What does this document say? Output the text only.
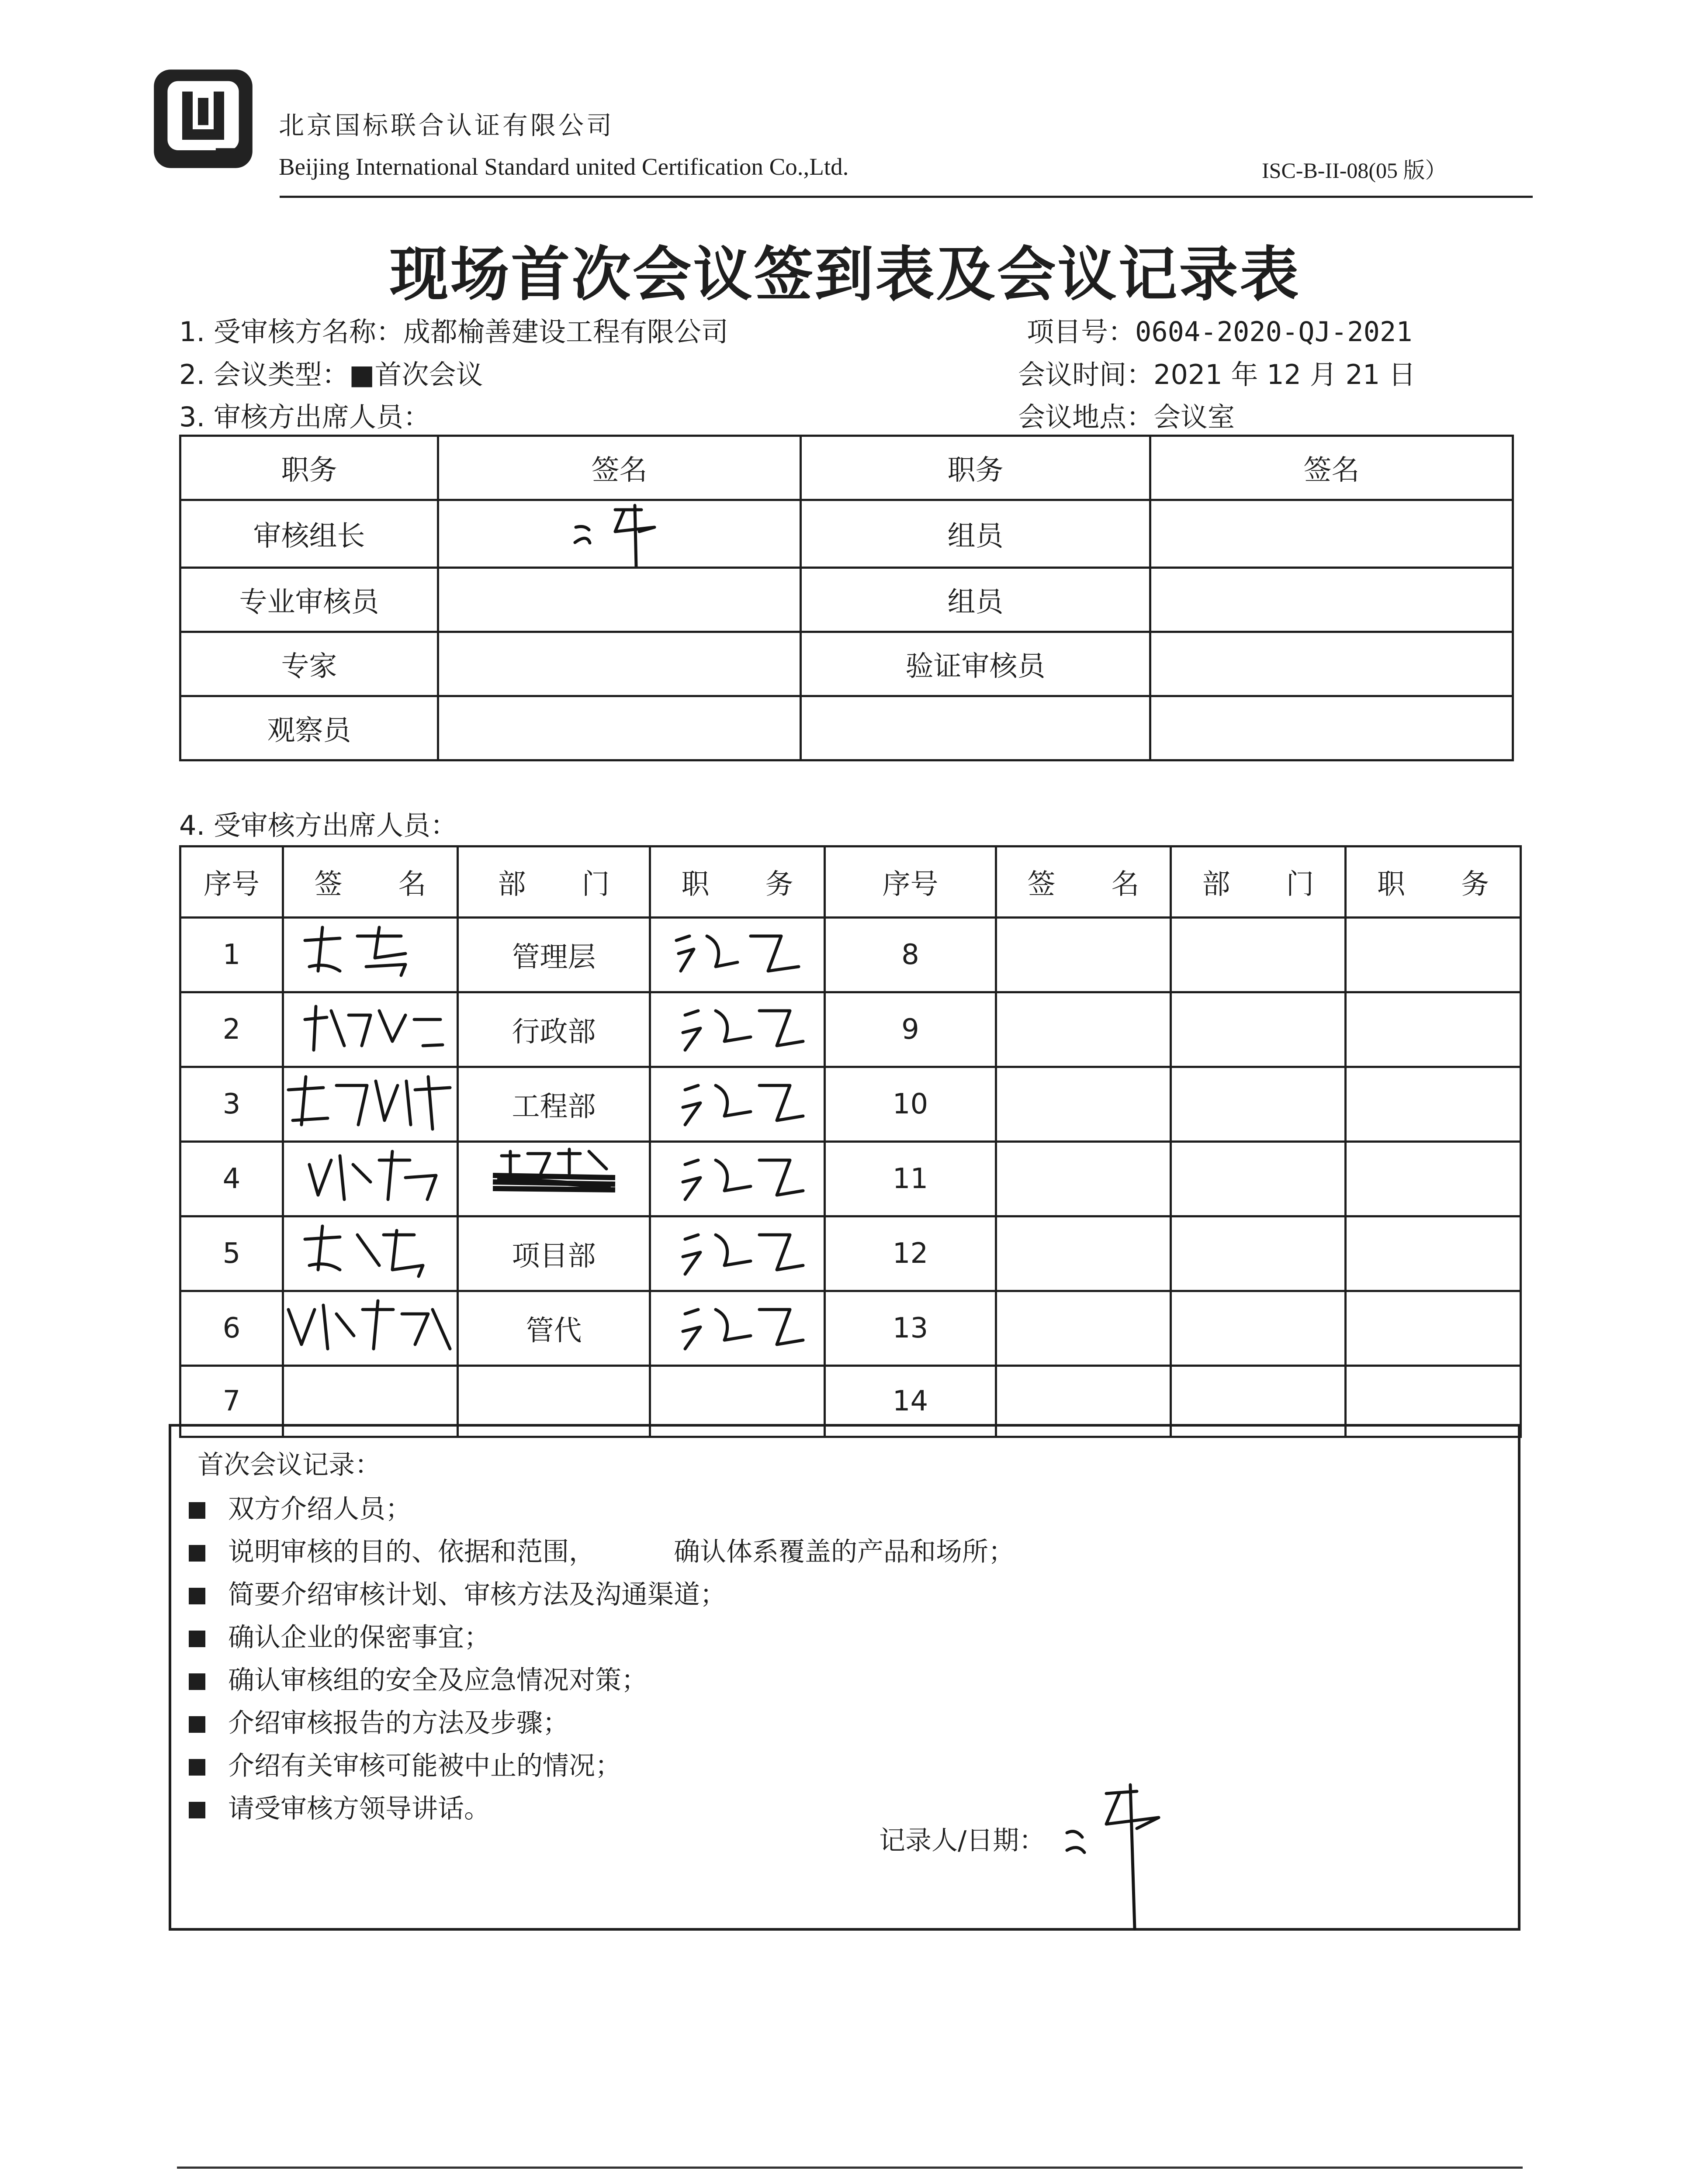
北京国标联合认证有限公司
Beijing International Standard united Certification Co.,Ltd.	ISC-B-II-08(05 版）
现场首次会议签到表及会议记录表
1. 受审核方名称：成都榆善建设工程有限公司	项目号：0604-2020-QJ-2021
2. 会议类型：■首次会议	会议时间：2021 年 12 月 21 日
3. 审核方出席人员：	会议地点：会议室
职务	签名	职务	签名
审核组长		组员	
专业审核员		组员	
专家		验证审核员	
观察员			
4. 受审核方出席人员：
序号	签　　名	部　　门	职　　务	序号	签　　名	部　　门	职　　务
1		管理层		8			
2		行政部		9			
3		工程部		10			
4				11			
5		项目部		12			
6		管代		13			
7				14			
首次会议记录：
双方介绍人员；
说明审核的目的、依据和范围，	确认体系覆盖的产品和场所；
简要介绍审核计划、审核方法及沟通渠道；
确认企业的保密事宜；
确认审核组的安全及应急情况对策；
介绍审核报告的方法及步骤；
介绍有关审核可能被中止的情况；
请受审核方领导讲话。
记录人/日期：
